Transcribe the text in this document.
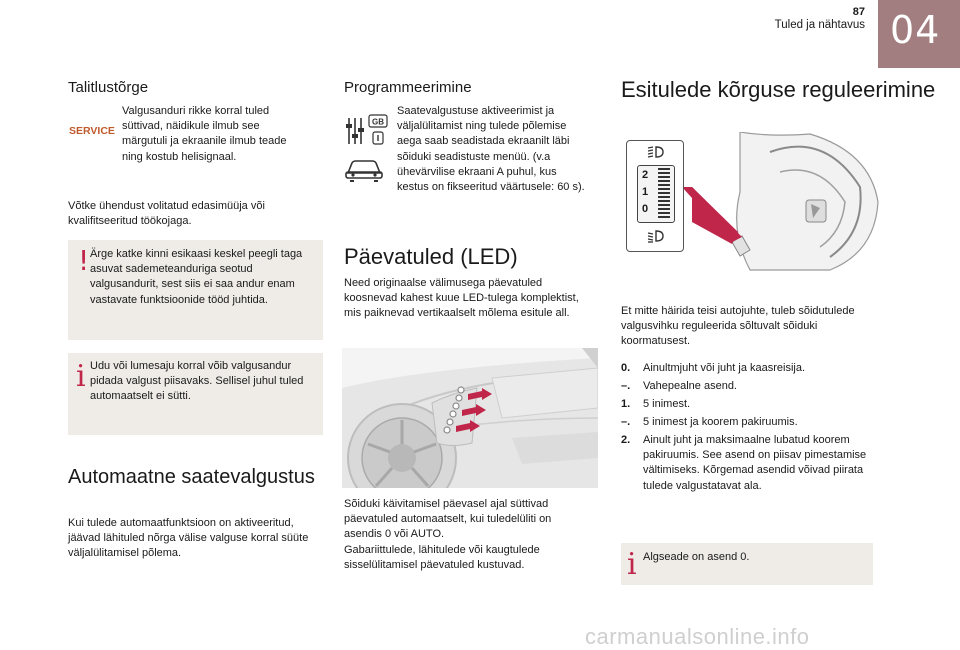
87
Tuled ja nähtavus 04
Talitlustõrge
SERVICE
Valgusanduri rikke korral tuled süttivad, näidikule ilmub see märgutuli ja ekraanile ilmub teade ning kostub helisignaal.
Võtke ühendust volitatud edasimüüja või kvalifitseeritud töökojaga.
! Ärge katke kinni esikaasi keskel peegli taga asuvat sademeteanduriga seotud valgusandurit, sest siis ei saa andur enam vastavate funktsioonide tööd juhtida.
i Udu või lumesaju korral võib valgusandur pidada valgust piisavaks. Sellisel juhul tuled automaatselt ei sütti.
Automaatne saatevalgustus
Kui tulede automaatfunktsioon on aktiveeritud, jäävad lähituled nõrga välise valguse korral süüte väljalülitamisel põlema.
Programmeerimine
GB
Saatevalgustuse aktiveerimist ja väljalülitamist ning tulede põlemise aega saab seadistada ekraanilt läbi sõiduki seadistuste menüü. (v.a ühevärvilise ekraani A puhul, kus kestus on fikseeritud väärtusele: 60 s).
Päevatuled (LED)
Need originaalse välimusega päevatuled koosnevad kahest kuue LED-tulega komplektist, mis paiknevad vertikaalselt mõlema esitule all.
Sõiduki käivitamisel päevasel ajal süttivad päevatuled automaatselt, kui tuledelüliti on asendis 0 või AUTO.
Gabariittulede, lähitulede või kaugtulede sisselülitamisel päevatuled kustuvad.
Esitulede kõrguse reguleerimine
2
1
0
Et mitte häirida teisi autojuhte, tuleb sõidutulede valgusvihku reguleerida sõltuvalt sõiduki koormatusest.
0. Ainultmjuht või juht ja kaasreisija.
–. Vahepealne asend.
1. 5 inimest.
–. 5 inimest ja koorem pakiruumis.
2. Ainult juht ja maksimaalne lubatud koorem pakiruumis. See asend on piisav pimestamise vältimiseks. Kõrgemad asendid võivad piirata tulede valgustatavat ala.
i Algseade on asend 0.
carmanualsonline.info
